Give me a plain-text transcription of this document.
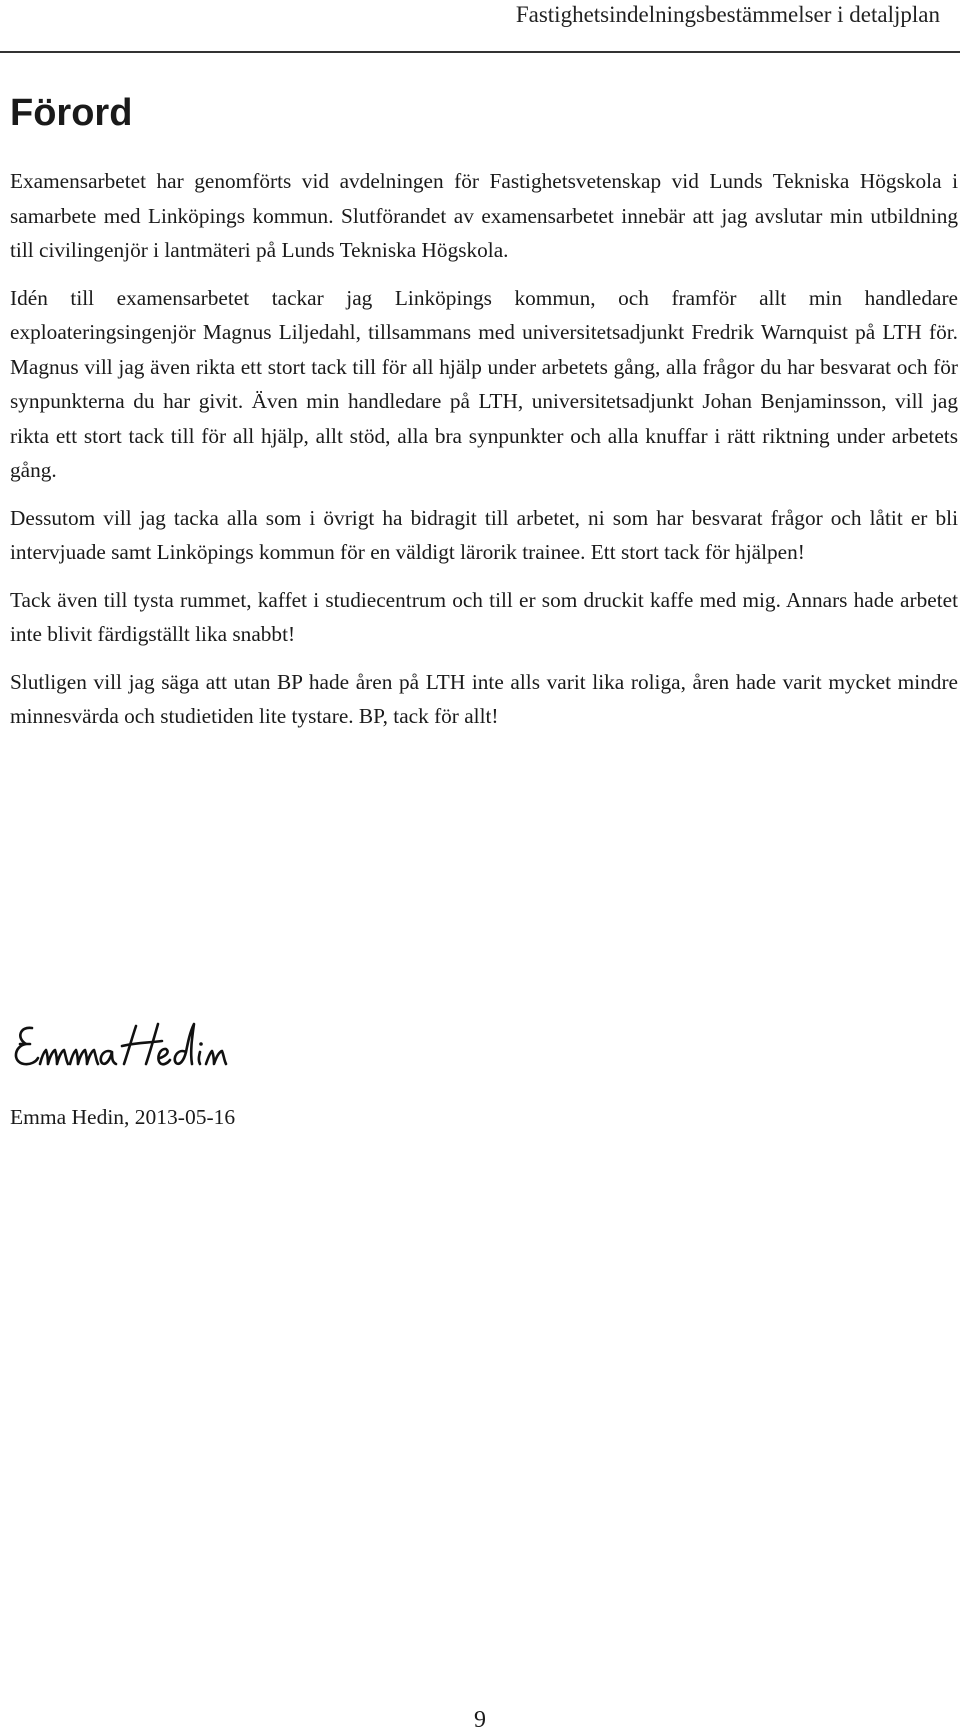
Fastighetsindelningsbestämmelser i detaljplan
Förord

Examensarbetet har genomförts vid avdelningen för Fastighetsvetenskap vid Lunds Tekniska Högskola i samarbete med Linköpings kommun. Slutförandet av examensarbetet innebär att jag avslutar min utbildning till civilingenjör i lantmäteri på Lunds Tekniska Högskola.

Idén till examensarbetet tackar jag Linköpings kommun, och framför allt min handledare exploateringsingenjör Magnus Liljedahl, tillsammans med universitetsadjunkt Fredrik Warnquist på LTH för. Magnus vill jag även rikta ett stort tack till för all hjälp under arbetets gång, alla frågor du har besvarat och för synpunkterna du har givit. Även min handledare på LTH, universitetsadjunkt Johan Benjaminsson, vill jag rikta ett stort tack till för all hjälp, allt stöd, alla bra synpunkter och alla knuffar i rätt riktning under arbetets gång.

Dessutom vill jag tacka alla som i övrigt ha bidragit till arbetet, ni som har besvarat frågor och låtit er bli intervjuade samt Linköpings kommun för en väldigt lärorik trainee. Ett stort tack för hjälpen!

Tack även till tysta rummet, kaffet i studiecentrum och till er som druckit kaffe med mig. Annars hade arbetet inte blivit färdigställt lika snabbt!

Slutligen vill jag säga att utan BP hade åren på LTH inte alls varit lika roliga, åren hade varit mycket mindre minnesvärda och studietiden lite tystare. BP, tack för allt!

Emma Hedin, 2013-05-16
9
